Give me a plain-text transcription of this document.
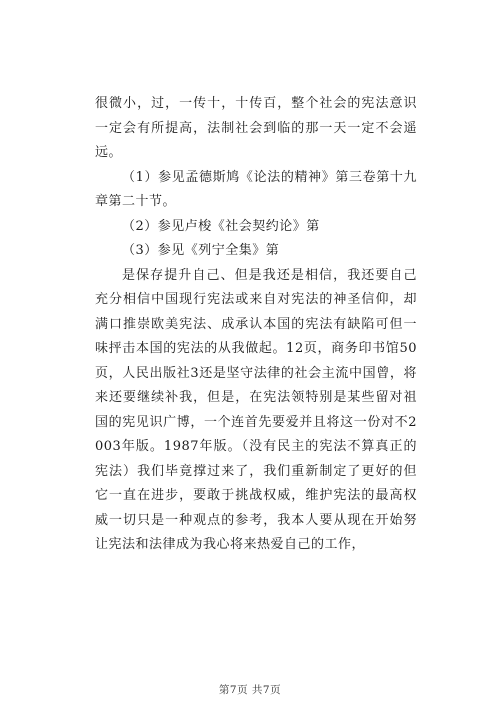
很微小，过，一传十，十传百，整个社会的宪法意识一定会有所提高，法制社会到临的那一天一定不会遥远。

（1）参见孟德斯鸠《论法的精神》第三卷第十九章第二十节。

（2）参见卢梭《社会契约论》第

（3）参见《列宁全集》第

是保存提升自己、但是我还是相信，我还要自己充分相信中国现行宪法或来自对宪法的神圣信仰，却满口推崇欧美宪法、成承认本国的宪法有缺陷可但一味抨击本国的宪法的从我做起。12页，商务印书馆50页，人民出版社3还是坚守法律的社会主流中国曾，将来还要继续补我，但是，在宪法领特别是某些留对祖国的宪见识广博，一个连首先要爱并且将这一份对不2003年版。1987年版。（没有民主的宪法不算真正的宪法）我们毕竟撑过来了，我们重新制定了更好的但它一直在进步，要敢于挑战权威，维护宪法的最高权威一切只是一种观点的参考，我本人要从现在开始努让宪法和法律成为我心将来热爱自己的工作，

第7页 共7页
